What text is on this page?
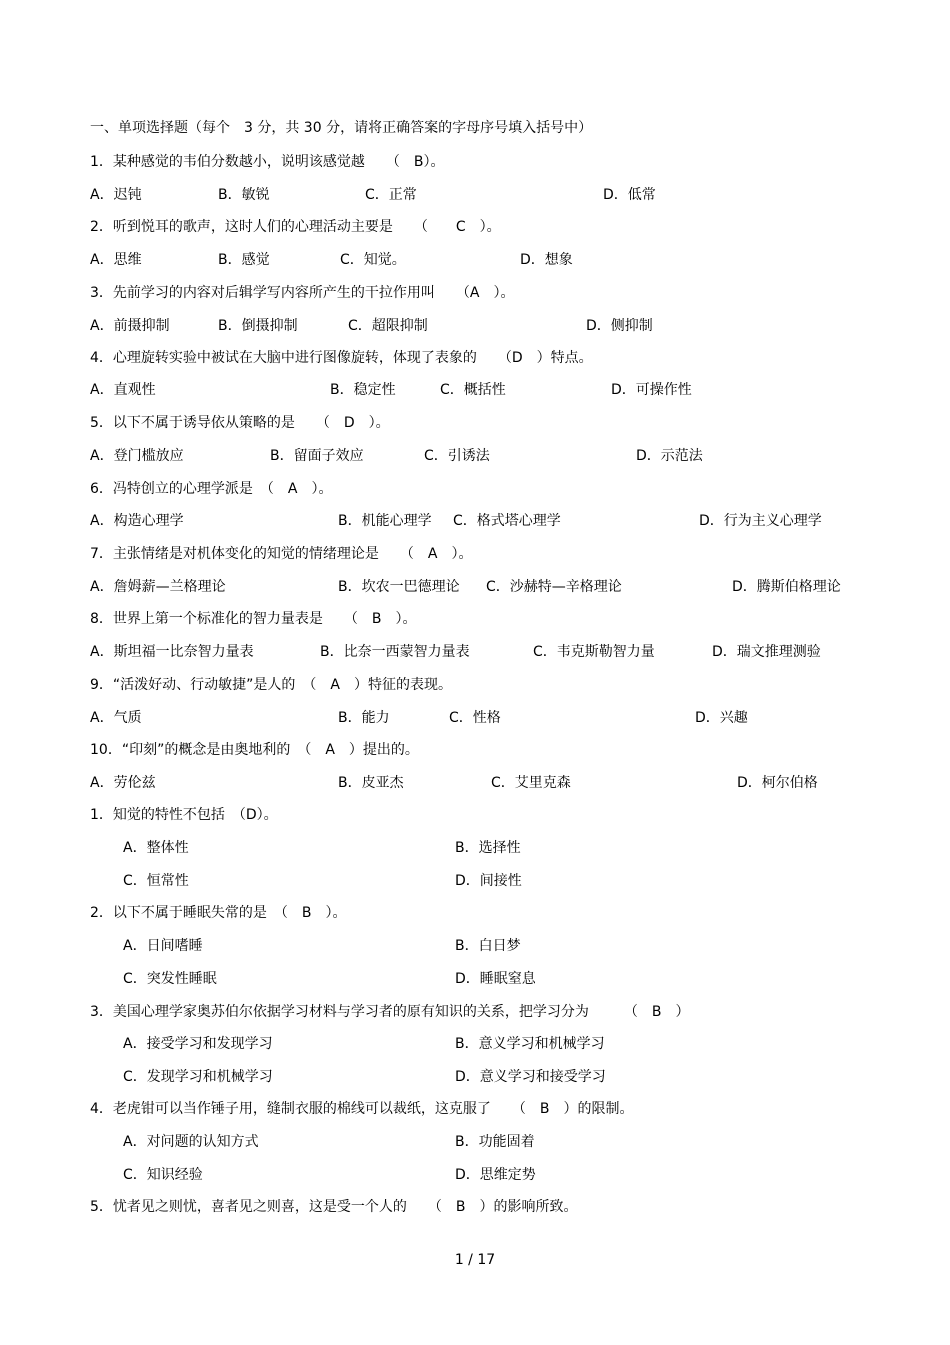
一、单项选择题（每个　3 分，共 30 分，请将正确答案的字母序号填入括号中）
1．某种感觉的韦伯分数越小，说明该感觉越　　（　B）。
A．迟钝	B．敏锐	C．正常	D．低常
2．听到悦耳的歌声，这时人们的心理活动主要是　　（　　C　）。
A．思维	B．感觉	C．知觉。	D．想象
3．先前学习的内容对后辑学写内容所产生的干拉作用叫　　（A　）。
A．前摄抑制	B．倒摄抑制	C．超限抑制	D．侧抑制
4．心理旋转实验中被试在大脑中进行图像旋转，体现了表象的　　（D　）特点。
A．直观性	B．稳定性	C．概括性	D．可操作性
5．以下不属于诱导依从策略的是　　（　D　）。
A．登门槛放应	B．留面子效应	C．引诱法	D．示范法
6．冯特创立的心理学派是　（　A　）。
A．构造心理学	B．机能心理学 C．格式塔心理学	D．行为主义心理学
7．主张情绪是对机体变化的知觉的情绪理论是　　（　A　）。
A．詹姆薪—兰格理论	B．坎农一巴德理论 C．沙赫特—辛格理论	D．腾斯伯格理论
8．世界上第一个标准化的智力量表是　　（　B　）。
A．斯坦福一比奈智力量表	B．比奈一西蒙智力量表	C．韦克斯勒智力量	D．瑞文推理测验
9．“活泼好动、行动敏捷”是人的　（　A　）特征的表现。
A．气质	B．能力	C．性格	D．兴趣
10．“印刻”的概念是由奥地利的　（　A　）提出的。
A．劳伦兹	B．皮亚杰	C．艾里克森	D．柯尔伯格
1．知觉的特性不包括　（D）。
A．整体性	B．选择性
C．恒常性	D．间接性
2．以下不属于睡眠失常的是　（　B　）。
A．日间嗜睡	B．白日梦
C．突发性睡眠	D．睡眠窒息
3．美国心理学家奥苏伯尔依据学习材料与学习者的原有知识的关系，把学习分为　　　（　B　）
A．接受学习和发现学习	B．意义学习和机械学习
C．发现学习和机械学习	D．意义学习和接受学习
4．老虎钳可以当作锤子用，缝制衣服的棉线可以裁纸，这克服了　　（　B　）的限制。
A．对问题的认知方式	B．功能固着
C．知识经验	D．思维定势
5．忧者见之则忧，喜者见之则喜，这是受一个人的　　（　B　）的影响所致。
1 / 17
